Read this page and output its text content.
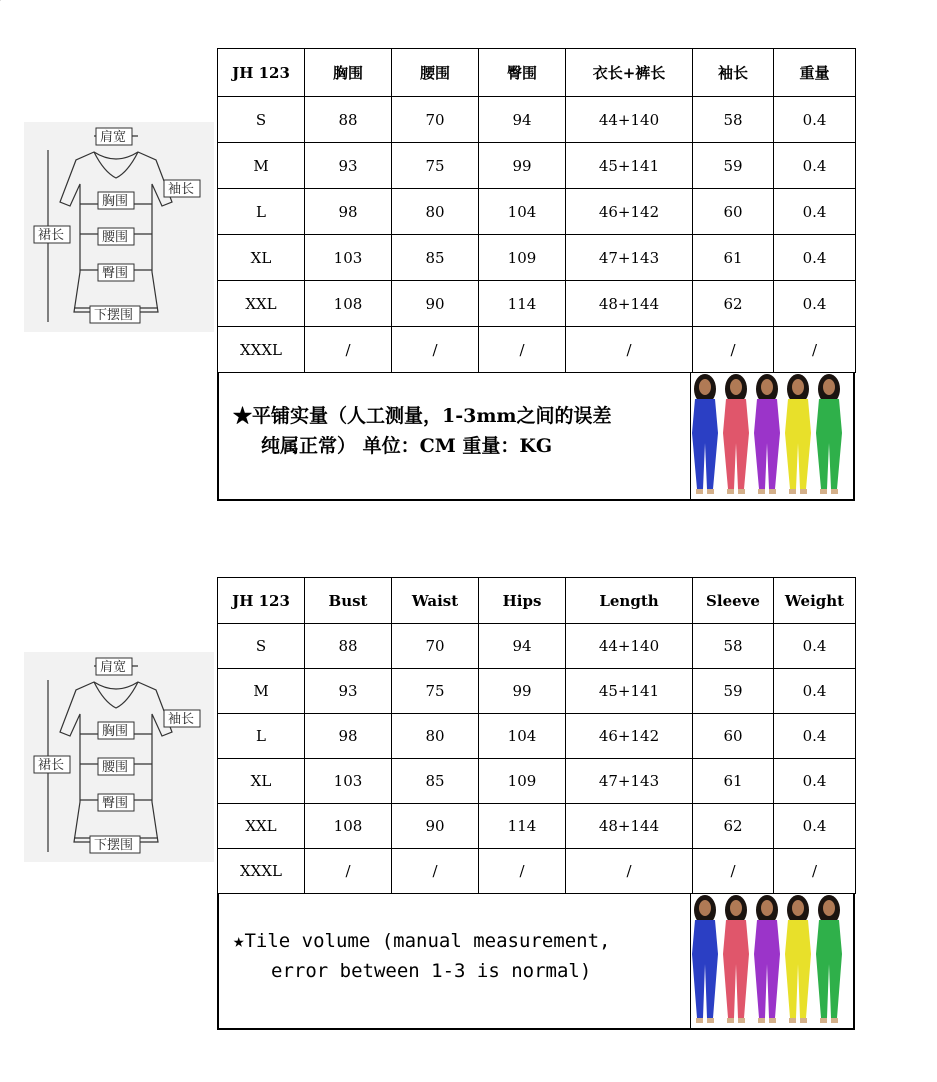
肩宽
袖长
胸围
裙长	腰围
臀围
下摆围
JH 123	胸围	腰围	臀围	衣长+裤长	袖长	重量
S	88	70	94	44+140	58	0.4
M	93	75	99	45+141	59	0.4
L	98	80	104	46+142	60	0.4
XL	103	85	109	47+143	61	0.4
XXL	108	90	114	48+144	62	0.4
XXXL	/	/	/	/	/	/
★平铺实量（人工测量，1-3mm之间的误差
纯属正常） 单位：CM 重量：KG
肩宽
袖长
胸围
裙长	腰围
臀围
下摆围
JH 123	Bust	Waist	Hips	Length	Sleeve	Weight
S	88	70	94	44+140	58	0.4
M	93	75	99	45+141	59	0.4
L	98	80	104	46+142	60	0.4
XL	103	85	109	47+143	61	0.4
XXL	108	90	114	48+144	62	0.4
XXXL	/	/	/	/	/	/
★Tile volume (manual measurement,
error between 1-3 is normal)
